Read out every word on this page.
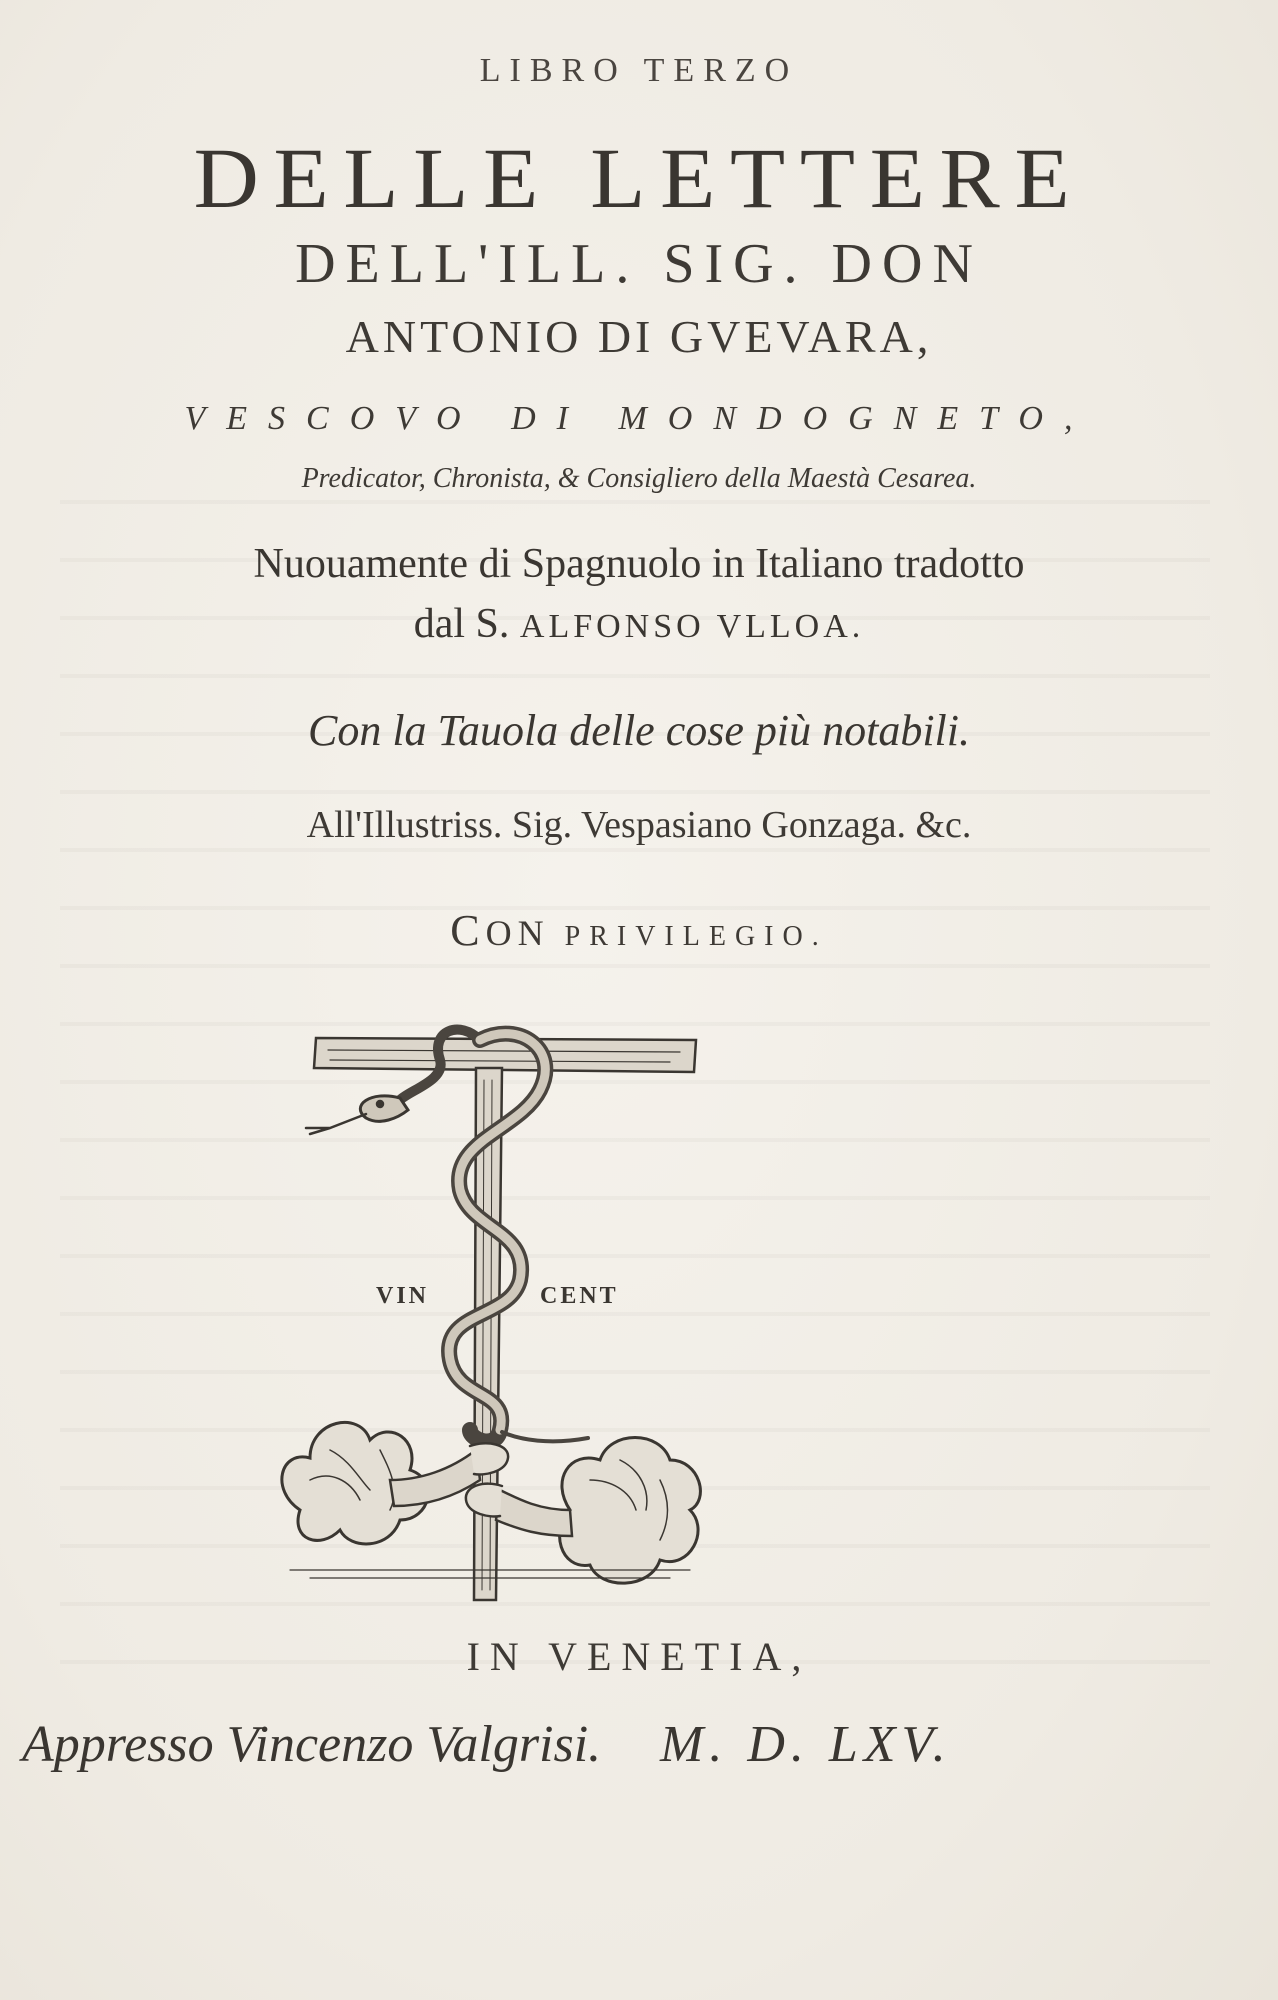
LIBRO TERZO

DELLE LETTERE

DELL'ILL. SIG. DON

ANTONIO DI GVEVARA,

VESCOVO DI MONDOGNETO,

Predicator, Chronista, & Consigliero della Maestà Cesarea.

Nuouamente di Spagnuolo in Italiano tradotto

dal S. ALFONSO VLLOA.

Con la Tauola delle cose più notabili.

All'Illustriss. Sig. Vespasiano Gonzaga. &c.

CON PRIVILEGIO.

VIN	CENT

IN VENETIA,

Appresso Vincenzo Valgrisi. M. D. LXV.
